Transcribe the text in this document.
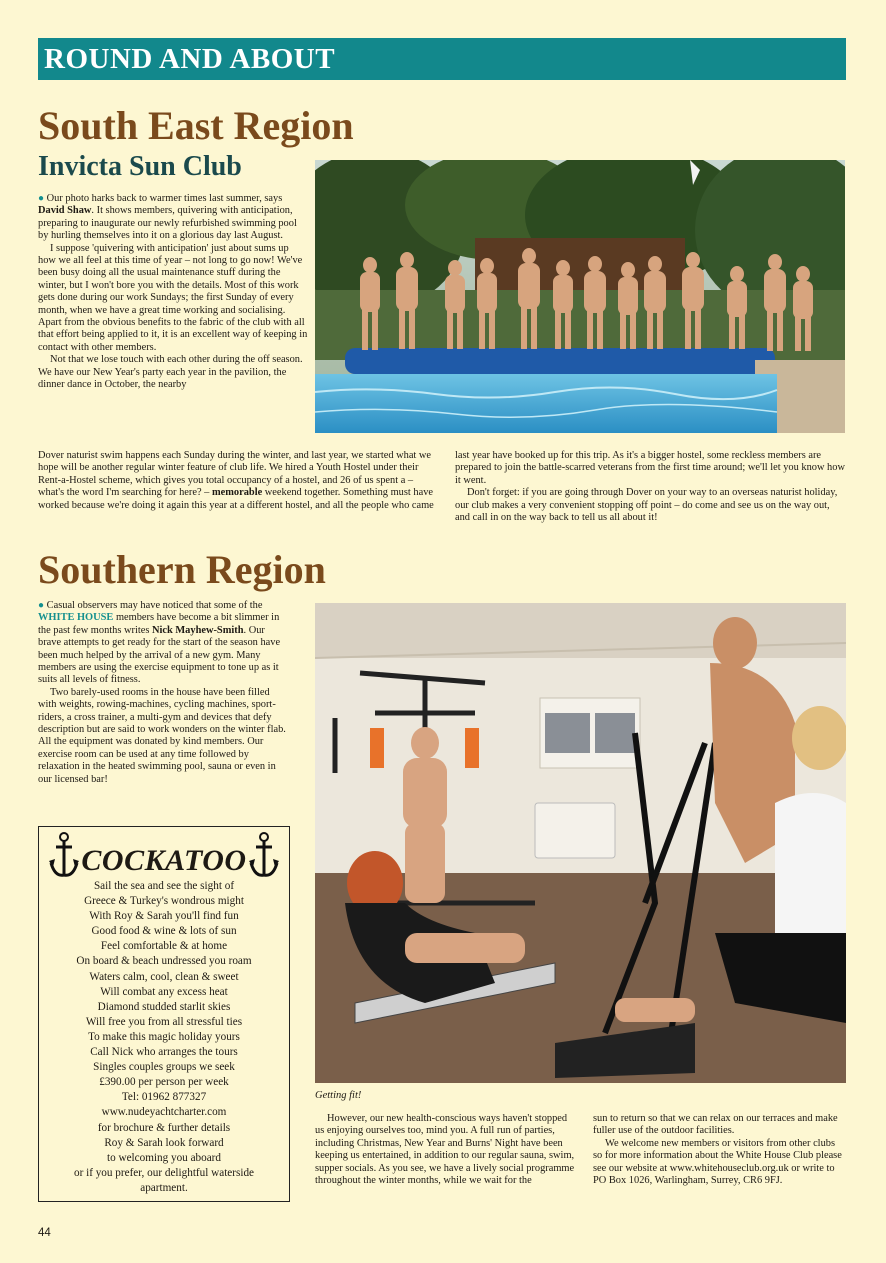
ROUND AND ABOUT
South East Region
Invicta Sun Club

● Our photo harks back to warmer times last summer, says David Shaw. It shows members, quivering with anticipation, preparing to inaugurate our newly refurbished swimming pool by hurling themselves into it on a glorious day last August.

I suppose 'quivering with anticipation' just about sums up how we all feel at this time of year – not long to go now! We've been busy doing all the usual maintenance stuff during the winter, but I won't bore you with the details. Most of this work gets done during our work Sundays; the first Sunday of every month, when we have a great time working and socialising. Apart from the obvious benefits to the fabric of the club with all that effort being applied to it, it is an excellent way of keeping in contact with other members.

Not that we lose touch with each other during the off season. We have our New Year's party each year in the pavilion, the dinner dance in October, the nearby

Dover naturist swim happens each Sunday during the winter, and last year, we started what we hope will be another regular winter feature of club life. We hired a Youth Hostel under their Rent-a-Hostel scheme, which gives you total occupancy of a hostel, and 26 of us spent a – what's the word I'm searching for here? – memorable weekend together. Something must have worked because we're doing it again this year at a different hostel, and all the people who came

last year have booked up for this trip. As it's a bigger hostel, some reckless members are prepared to join the battle-scarred veterans from the first time around; we'll let you know how it went.

Don't forget: if you are going through Dover on your way to an overseas naturist holiday, our club makes a very convenient stopping off point – do come and see us on the way out, and call in on the way back to tell us all about it!

Southern Region

● Casual observers may have noticed that some of the WHITE HOUSE members have become a bit slimmer in the past few months writes Nick Mayhew-Smith. Our brave attempts to get ready for the start of the season have been much helped by the arrival of a new gym. Many members are using the exercise equipment to tone up as it suits all levels of fitness.

Two barely-used rooms in the house have been filled with weights, rowing-machines, cycling machines, sport-riders, a cross trainer, a multi-gym and devices that defy description but are said to work wonders on the winter flab. All the equipment was donated by kind members. Our exercise room can be used at any time followed by relaxation in the heated swimming pool, sauna or even in our licensed bar!

Getting fit!
COCKATOO
Sail the sea and see the sight of
Greece & Turkey's wondrous might
With Roy & Sarah you'll find fun
Good food & wine & lots of sun
Feel comfortable & at home
On board & beach undressed you roam
Waters calm, cool, clean & sweet
Will combat any excess heat
Diamond studded starlit skies
Will free you from all stressful ties
To make this magic holiday yours
Call Nick who arranges the tours
Singles couples groups we seek
£390.00 per person per week
Tel: 01962 877327
www.nudeyachtcharter.com
for brochure & further details
Roy & Sarah look forward
to welcoming you aboard
or if you prefer, our delightful waterside
apartment.

However, our new health-conscious ways haven't stopped us enjoying ourselves too, mind you. A full run of parties, including Christmas, New Year and Burns' Night have been keeping us entertained, in addition to our regular sauna, swim, supper socials. As you see, we have a lively social programme throughout the winter months, while we wait for the

sun to return so that we can relax on our terraces and make fuller use of the outdoor facilities.

We welcome new members or visitors from other clubs so for more information about the White House Club please see our website at www.whitehouseclub.org.uk or write to PO Box 1026, Warlingham, Surrey, CR6 9FJ.

44
